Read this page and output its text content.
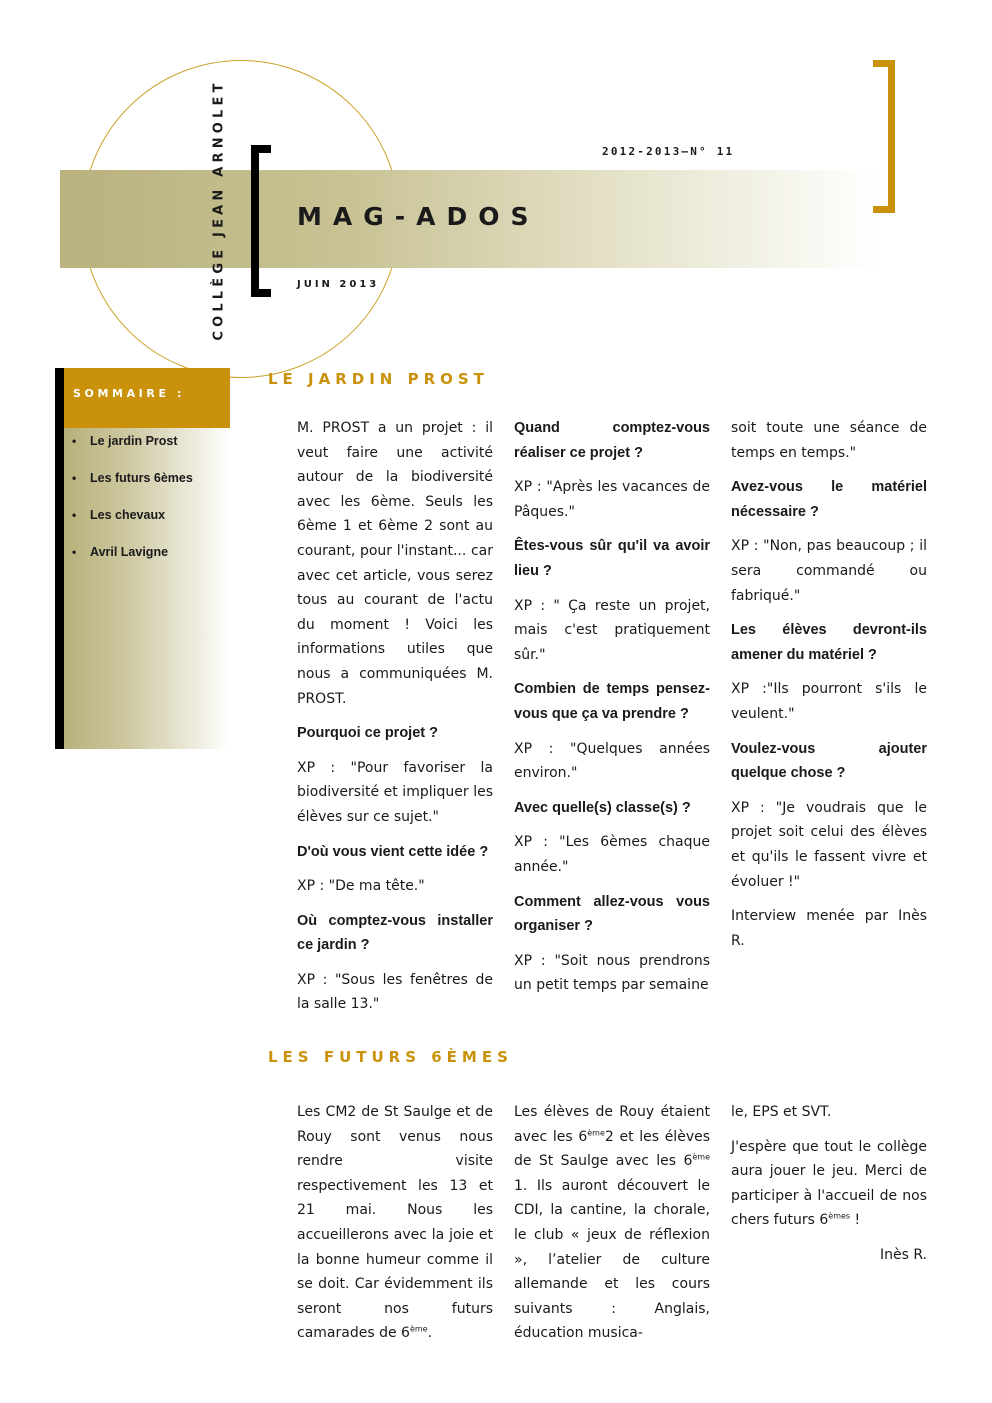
COLLÈGE JEAN ARNOLET	2012-2013—N° 11
MAG-ADOS
JUIN 2013
SOMMAIRE :
•	Le jardin Prost
•	Les futurs 6èmes
•	Les chevaux
•	Avril Lavigne
LE JARDIN PROST

M. PROST a un projet : il veut faire une activité autour de la biodiversité avec les 6ème. Seuls les 6ème 1 et 6ème 2 sont au courant, pour l'instant... car avec cet article, vous serez tous au courant de l'actu du moment ! Voici les informations utiles que nous a communiquées M. PROST.

Pourquoi ce projet ?

XP : "Pour favoriser la biodiversité et impliquer les élèves sur ce sujet."

D'où vous vient cette idée ?

XP : "De ma tête."

Où comptez-vous installer ce jardin ?

XP : "Sous les fenêtres de la salle 13."

Quand comptez-vous réaliser ce projet ?

XP : "Après les vacances de Pâques."

Êtes-vous sûr qu'il va avoir lieu ?

XP : " Ça reste un projet, mais c'est pratiquement sûr."

Combien de temps pensez-vous que ça va prendre ?

XP : "Quelques années environ."

Avec quelle(s) classe(s) ?

XP : "Les 6èmes chaque année."

Comment allez-vous vous organiser ?

XP : "Soit nous prendrons un petit temps par semaine

soit toute une séance de temps en temps."

Avez-vous le matériel nécessaire ?

XP : "Non, pas beaucoup ; il sera commandé ou fabriqué."

Les élèves devront-ils amener du matériel ?

XP :"Ils pourront s'ils le veulent."

Voulez-vous ajouter quelque chose ?

XP : "Je voudrais que le projet soit celui des élèves et qu'ils le fassent vivre et évoluer !"

Interview menée par Inès R.

LES FUTURS 6ÈMES

Les CM2 de St Saulge et de Rouy sont venus nous rendre visite respectivement les 13 et 21 mai. Nous les accueillerons avec la joie et la bonne humeur comme il se doit. Car évidemment ils seront nos futurs camarades de 6ème.

Les élèves de Rouy étaient avec les 6ème2 et les élèves de St Saulge avec les 6ème 1. Ils auront découvert le CDI, la cantine, la chorale, le club « jeux de réflexion », l’atelier de culture allemande et les cours suivants : Anglais, éducation musica-

le, EPS et SVT.

J'espère que tout le collège aura jouer le jeu. Merci de participer à l'accueil de nos chers futurs 6èmes !

Inès R.
